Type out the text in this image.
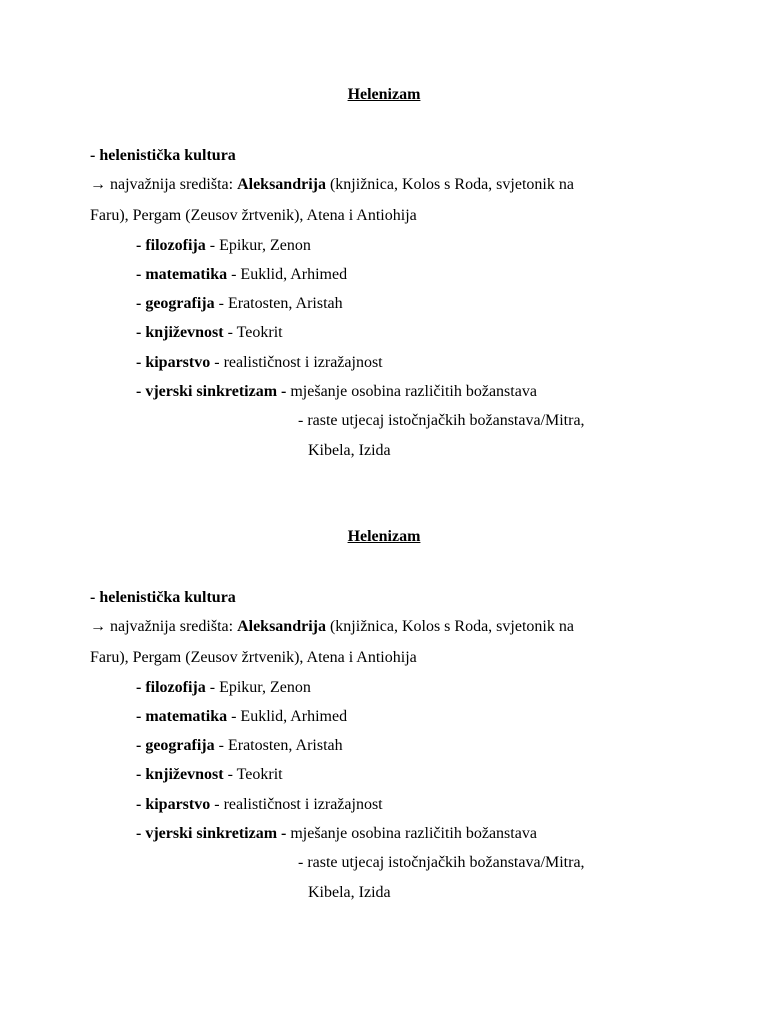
Helenizam
- helenistička kultura
→ najvažnija središta: Aleksandrija (knjižnica, Kolos s Roda, svjetonik na
Faru), Pergam (Zeusov žrtvenik), Atena i Antiohija
- filozofija - Epikur, Zenon
- matematika - Euklid, Arhimed
- geografija - Eratosten, Aristah
- književnost - Teokrit
- kiparstvo - realističnost i izražajnost
- vjerski sinkretizam - mješanje osobina različitih božanstava
- raste utjecaj istočnjačkih božanstava/Mitra,
Kibela, Izida
Helenizam
- helenistička kultura
→ najvažnija središta: Aleksandrija (knjižnica, Kolos s Roda, svjetonik na
Faru), Pergam (Zeusov žrtvenik), Atena i Antiohija
- filozofija - Epikur, Zenon
- matematika - Euklid, Arhimed
- geografija - Eratosten, Aristah
- književnost - Teokrit
- kiparstvo - realističnost i izražajnost
- vjerski sinkretizam - mješanje osobina različitih božanstava
- raste utjecaj istočnjačkih božanstava/Mitra,
Kibela, Izida
